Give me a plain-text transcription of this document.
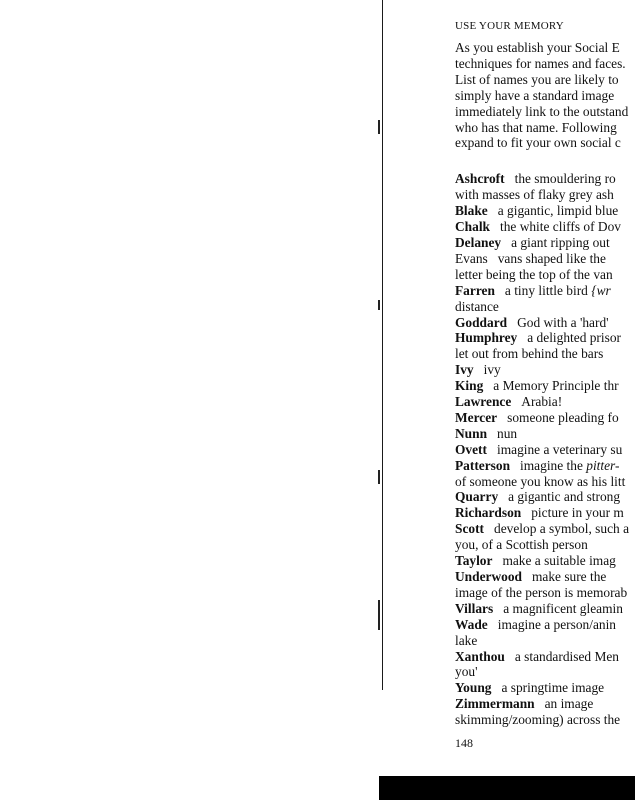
USE YOUR MEMORY
As you establish your Social E
techniques for names and faces.
List of names you are likely to
simply have a standard image
immediately link to the outstand
who has that name. Following
expand to fit your own social c
Ashcroft the smouldering ro
with masses of flaky grey ash
Blake a gigantic, limpid blue
Chalk the white cliffs of Dov
Delaney a giant ripping out
Evans vans shaped like the
letter being the top of the van
Farren a tiny little bird {wr
distance
Goddard God with a 'hard'
Humphrey a delighted prisor
let out from behind the bars
Ivy ivy
King a Memory Principle thr
Lawrence Arabia!
Mercer someone pleading fo
Nunn nun
Ovett imagine a veterinary su
Patterson imagine the pitter-
of someone you know as his litt
Quarry a gigantic and strong
Richardson picture in your m
Scott develop a symbol, such a
you, of a Scottish person
Taylor make a suitable imag
Underwood make sure the
image of the person is memorab
Villars a magnificent gleamin
Wade imagine a person/anin
lake
Xanthou a standardised Men
you'
Young a springtime image
Zimmermann an image
skimming/zooming) across the
148
